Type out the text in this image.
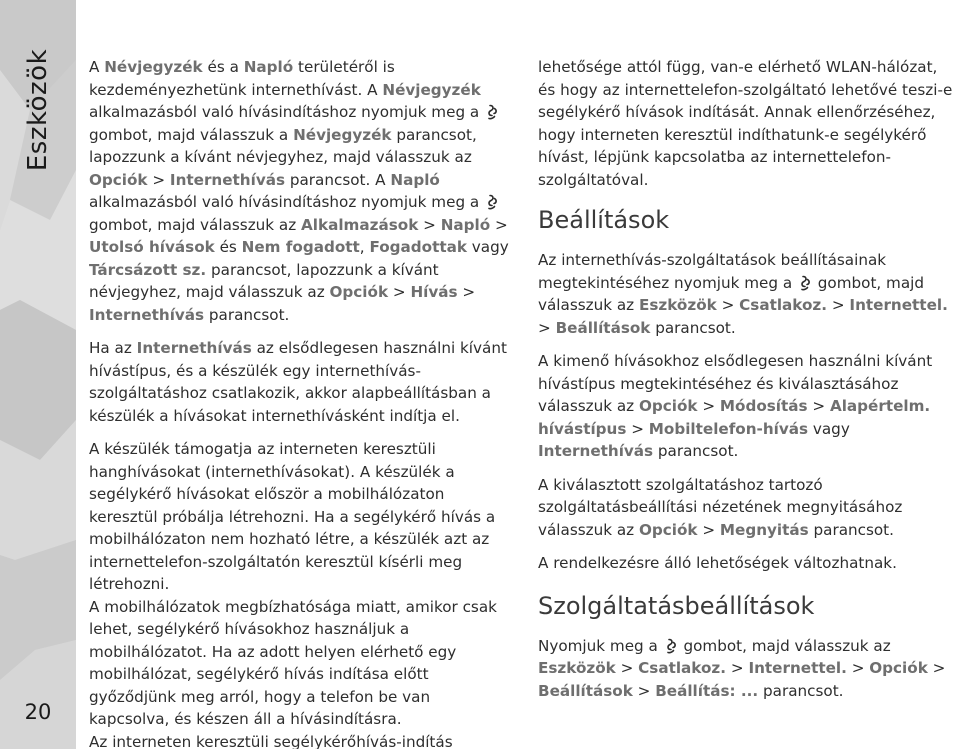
Eszközök
20

A Névjegyzék és a Napló területéről is kezdeményezhetünk internethívást. A Névjegyzék alkalmazásból való hívásindításhoz nyomjuk meg a  gombot, majd válasszuk a Névjegyzék parancsot, lapozzunk a kívánt névjegyhez, majd válasszuk az Opciók > Internethívás parancsot. A Napló alkalmazásból való hívásindításhoz nyomjuk meg a  gombot, majd válasszuk az Alkalmazások > Napló > Utolsó hívások és Nem fogadott, Fogadottak vagy Tárcsázott sz. parancsot, lapozzunk a kívánt névjegyhez, majd válasszuk az Opciók > Hívás > Internethívás parancsot.

Ha az Internethívás az elsődlegesen használni kívánt hívástípus, és a készülék egy internethívás-szolgáltatáshoz csatlakozik, akkor alapbeállításban a készülék a hívásokat internethívásként indítja el.

A készülék támogatja az interneten keresztüli hanghívásokat (internethívásokat). A készülék a segélykérő hívásokat először a mobilhálózaton keresztül próbálja létrehozni. Ha a segélykérő hívás a mobilhálózaton nem hozható létre, a készülék azt az internettelefon-szolgáltatón keresztül kísérli meg létrehozni.

A mobilhálózatok megbízhatósága miatt, amikor csak lehet, segélykérő hívásokhoz használjuk a mobilhálózatot. Ha az adott helyen elérhető egy mobilhálózat, segélykérő hívás indítása előtt győződjünk meg arról, hogy a telefon be van kapcsolva, és készen áll a hívásindításra.

Az interneten keresztüli segélykérőhívás-indítás

lehetősége attól függ, van-e elérhető WLAN-hálózat, és hogy az internettelefon-szolgáltató lehetővé teszi-e segélykérő hívások indítását. Annak ellenőrzéséhez, hogy interneten keresztül indíthatunk-e segélykérő hívást, lépjünk kapcsolatba az internettelefon-szolgáltatóval.

Beállítások

Az internethívás-szolgáltatások beállításainak megtekintéséhez nyomjuk meg a  gombot, majd válasszuk az Eszközök > Csatlakoz. > Internettel. > Beállítások parancsot.

A kimenő hívásokhoz elsődlegesen használni kívánt hívástípus megtekintéséhez és kiválasztásához válasszuk az Opciók > Módosítás > Alapértelm. hívástípus > Mobiltelefon-hívás vagy Internethívás parancsot.

A kiválasztott szolgáltatáshoz tartozó szolgáltatásbeállítási nézetének megnyitásához válasszuk az Opciók > Megnyitás parancsot.

A rendelkezésre álló lehetőségek változhatnak.

Szolgáltatásbeállítások

Nyomjuk meg a  gombot, majd válasszuk az Eszközök > Csatlakoz. > Internettel. > Opciók > Beállítások > Beállítás: ... parancsot.
